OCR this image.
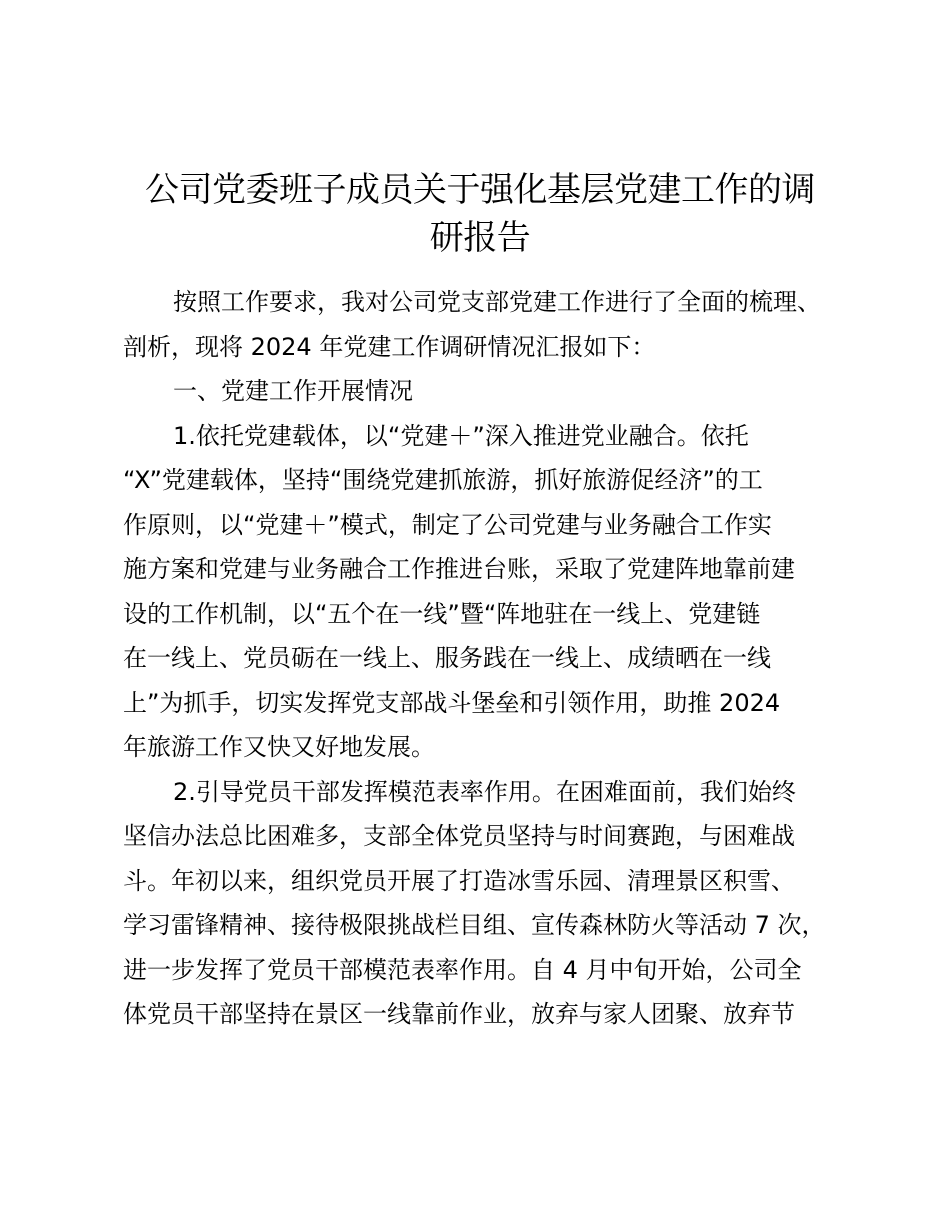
公司党委班子成员关于强化基层党建工作的调
研报告
按照工作要求，我对公司党支部党建工作进行了全面的梳理、
剖析，现将 2024 年党建工作调研情况汇报如下：
一、党建工作开展情况
1.依托党建载体，以“党建＋”深入推进党业融合。依托
“X”党建载体，坚持“围绕党建抓旅游，抓好旅游促经济”的工
作原则，以“党建＋”模式，制定了公司党建与业务融合工作实
施方案和党建与业务融合工作推进台账，采取了党建阵地靠前建
设的工作机制，以“五个在一线”暨“阵地驻在一线上、党建链
在一线上、党员砺在一线上、服务践在一线上、成绩晒在一线
上”为抓手，切实发挥党支部战斗堡垒和引领作用，助推 2024
年旅游工作又快又好地发展。
2.引导党员干部发挥模范表率作用。在困难面前，我们始终
坚信办法总比困难多，支部全体党员坚持与时间赛跑，与困难战
斗。年初以来，组织党员开展了打造冰雪乐园、清理景区积雪、
学习雷锋精神、接待极限挑战栏目组、宣传森林防火等活动 7 次，
进一步发挥了党员干部模范表率作用。自 4 月中旬开始，公司全
体党员干部坚持在景区一线靠前作业，放弃与家人团聚、放弃节
